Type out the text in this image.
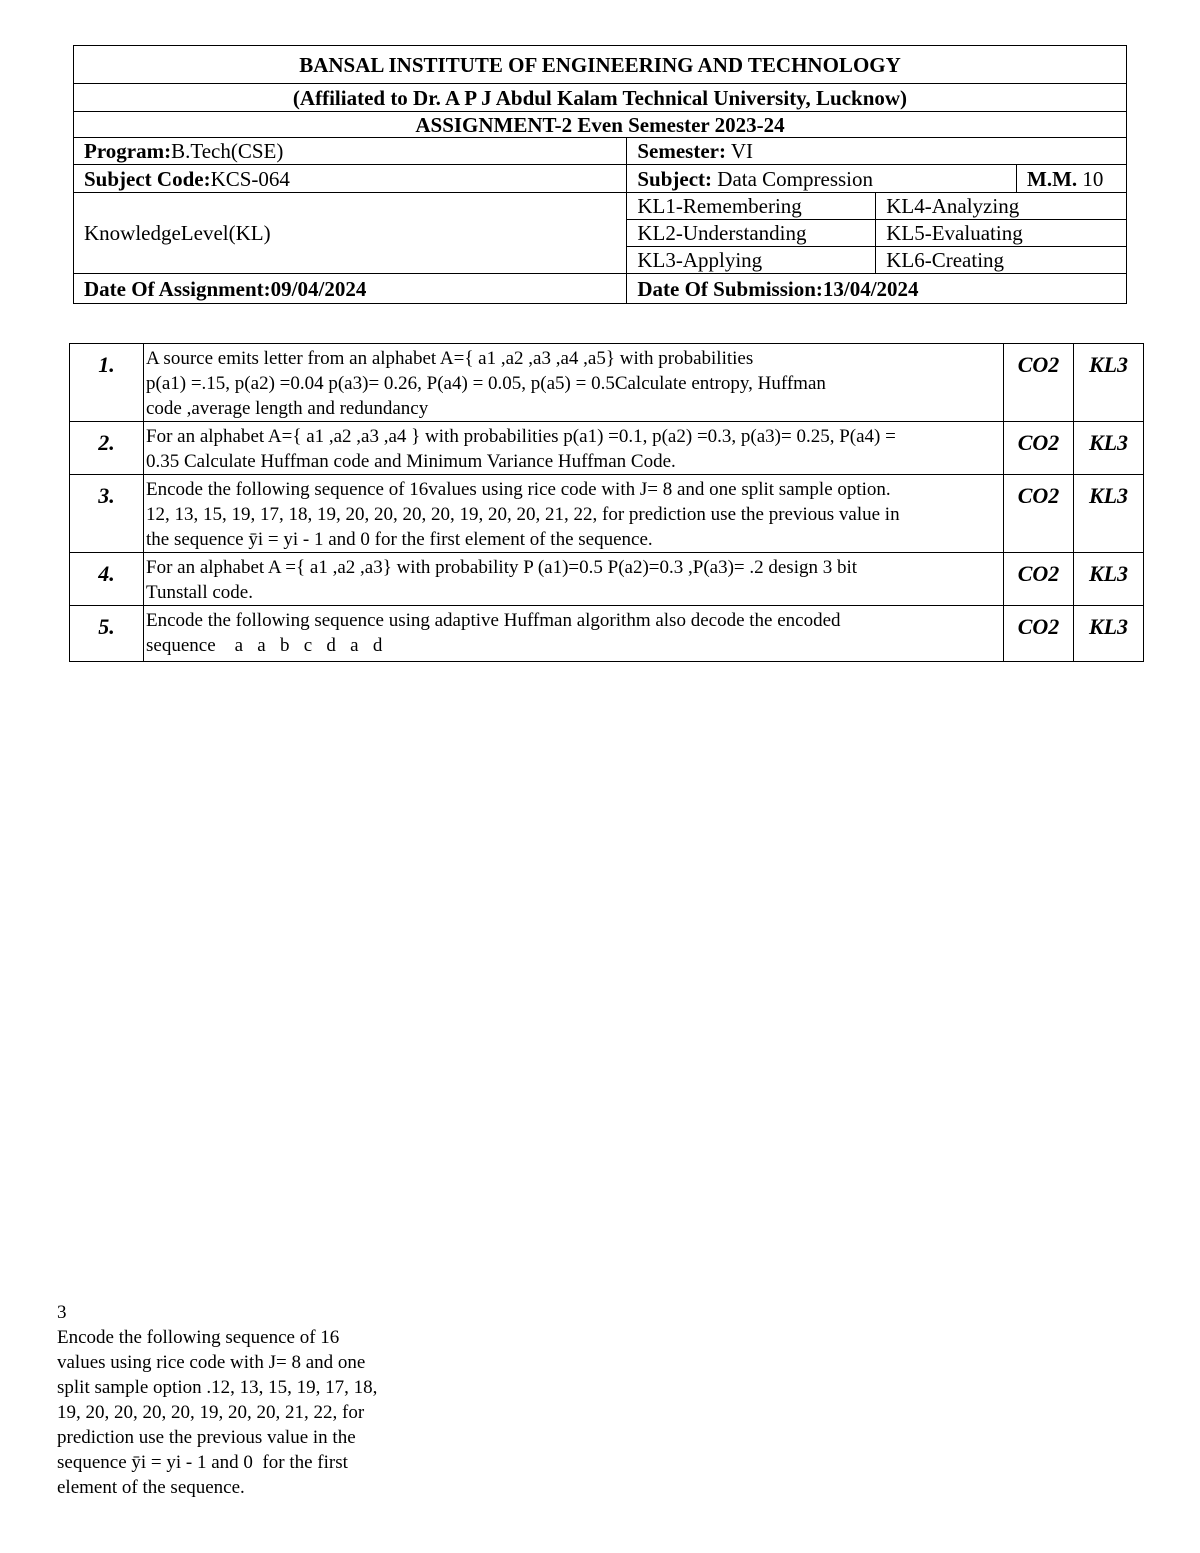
BANSAL INSTITUTE OF ENGINEERING AND TECHNOLOGY			
(Affiliated to Dr. A P J Abdul Kalam Technical University, Lucknow)			
ASSIGNMENT-2 Even Semester 2023-24			
Program:B.Tech(CSE)	Semester: VI		
Subject Code:KCS-064	Subject: Data Compression		M.M. 10
KnowledgeLevel(KL)	KL1-Remembering	KL4-Analyzing	
	KL2-Understanding	KL5-Evaluating	
	KL3-Applying	KL6-Creating	
Date Of Assignment:09/04/2024	Date Of Submission:13/04/2024		
1.	A source emits letter from an alphabet A={ a1 ,a2 ,a3 ,a4 ,a5} with probabilities
p(a1) =.15, p(a2) =0.04 p(a3)= 0.26, P(a4) = 0.05, p(a5) = 0.5Calculate entropy, Huffman
code ,average length and redundancy	CO2	KL3
2.	For an alphabet A={ a1 ,a2 ,a3 ,a4 } with probabilities p(a1) =0.1, p(a2) =0.3, p(a3)= 0.25, P(a4) =
0.35 Calculate Huffman code and Minimum Variance Huffman Code.	CO2	KL3
3.	Encode the following sequence of 16values using rice code with J= 8 and one split sample option.
12, 13, 15, 19, 17, 18, 19, 20, 20, 20, 20, 19, 20, 20, 21, 22, for prediction use the previous value in
the sequence ȳi = yi - 1 and 0 for the first element of the sequence.	CO2	KL3
4.	For an alphabet A ={ a1 ,a2 ,a3} with probability P (a1)=0.5 P(a2)=0.3 ,P(a3)= .2 design 3 bit
Tunstall code.	CO2	KL3
5.	Encode the following sequence using adaptive Huffman algorithm also decode the encoded
sequence    a   a   b   c   d   a   d	CO2	KL3
3
Encode the following sequence of 16
values using rice code with J= 8 and one
split sample option .12, 13, 15, 19, 17, 18,
19, 20, 20, 20, 20, 19, 20, 20, 21, 22, for
prediction use the previous value in the
sequence ȳi = yi - 1 and 0  for the first
element of the sequence.
